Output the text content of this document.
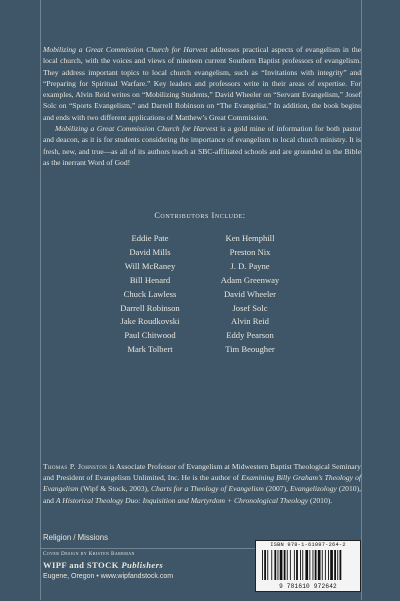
Mobilizing a Great Commission Church for Harvest addresses practical aspects of evangelism in the local church, with the voices and views of nineteen current Southern Baptist professors of evangelism. They address important topics to local church evangelism, such as “Invitations with integrity” and “Preparing for Spiritual Warfare.” Key leaders and professors write in their areas of expertise. For examples, Alvin Reid writes on “Mobilizing Students,” David Wheeler on “Servant Evangelism,” Josef Solc on “Sports Evangelism,” and Darrell Robinson on “The Evangelist.” In addition, the book begins and ends with two different applications of Matthew’s Great Commission.

Mobilizing a Great Commission Church for Harvest is a gold mine of information for both pastor and deacon, as it is for students considering the importance of evangelism to local church ministry. It is fresh, new, and true—as all of its authors teach at SBC-affiliated schools and are grounded in the Bible as the inerrant Word of God!

Contributors Include:
Eddie Pate
David Mills
Will McRaney
Bill Henard
Chuck Lawless
Darrell Robinson
Jake Roudkovski
Paul Chitwood
Mark Tolbert
Ken Hemphill
Preston Nix
J. D. Payne
Adam Greenway
David Wheeler
Josef Solc
Alvin Reid
Eddy Pearson
Tim Beougher
Thomas P. Johnston is Associate Professor of Evangelism at Midwestern Baptist Theological Seminary and President of Evangelism Unlimited, Inc. He is the author of Examining Billy Graham’s Theology of Evangelism (Wipf & Stock, 2003), Charts for a Theology of Evangelism (2007), Evangelizology (2010), and A Historical Theology Duo: Inquisition and Martyrdom + Chronological Theology (2010).
Religion / Missions
Cover Design by Kristen Barrman
WIPF and STOCK Publishers
Eugene, Oregon • www.wipfandstock.com
ISBN 978-1-61097-264-2
9 781610 972642
